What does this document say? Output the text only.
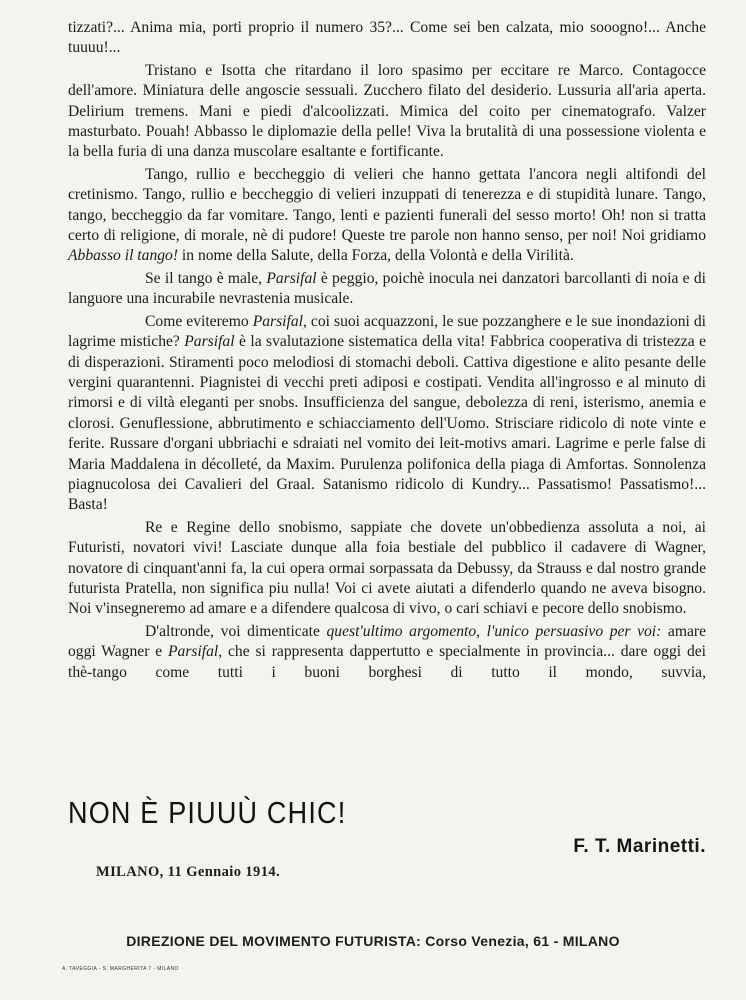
tizzati?... Anima mia, porti proprio il numero 35?... Come sei ben calzata, mio sooogno!... Anche tuuuu!...

Tristano e Isotta che ritardano il loro spasimo per eccitare re Marco. Contagocce dell'amore. Miniatura delle angoscie sessuali. Zucchero filato del desiderio. Lussuria all'aria aperta. Delirium tremens. Mani e piedi d'alcoolizzati. Mimica del coito per cinematografo. Valzer masturbato. Pouah! Abbasso le diplomazie della pelle! Viva la brutalità di una possessione violenta e la bella furia di una danza muscolare esaltante e fortificante.

Tango, rullio e beccheggio di velieri che hanno gettata l'ancora negli altifondi del cretinismo. Tango, rullio e beccheggio di velieri inzuppati di tenerezza e di stupidità lunare. Tango, tango, beccheggio da far vomitare. Tango, lenti e pazienti funerali del sesso morto! Oh! non si tratta certo di religione, di morale, nè di pudore! Queste tre parole non hanno senso, per noi! Noi gridiamo Abbasso il tango! in nome della Salute, della Forza, della Volontà e della Virilità.

Se il tango è male, Parsifal è peggio, poichè inocula nei danzatori barcollanti di noia e di languore una incurabile nevrastenia musicale.

Come eviteremo Parsifal, coi suoi acquazzoni, le sue pozzanghere e le sue inondazioni di lagrime mistiche? Parsifal è la svalutazione sistematica della vita! Fabbrica cooperativa di tristezza e di disperazioni. Stiramenti poco melodiosi di stomachi deboli. Cattiva digestione e alito pesante delle vergini quarantenni. Piagnistei di vecchi preti adiposi e costipati. Vendita all'ingrosso e al minuto di rimorsi e di viltà eleganti per snobs. Insufficienza del sangue, debolezza di reni, isterismo, anemia e clorosi. Genuflessione, abbrutimento e schiacciamento dell'Uomo. Strisciare ridicolo di note vinte e ferite. Russare d'organi ubbriachi e sdraiati nel vomito dei leit-motivs amari. Lagrime e perle false di Maria Maddalena in décolleté, da Maxim. Purulenza polifonica della piaga di Amfortas. Sonnolenza piagnucolosa dei Cavalieri del Graal. Satanismo ridicolo di Kundry... Passatismo! Passatismo!... Basta!

Re e Regine dello snobismo, sappiate che dovete un'obbedienza assoluta a noi, ai Futuristi, novatori vivi! Lasciate dunque alla foia bestiale del pubblico il cadavere di Wagner, novatore di cinquant'anni fa, la cui opera ormai sorpassata da Debussy, da Strauss e dal nostro grande futurista Pratella, non significa piu nulla! Voi ci avete aiutati a difenderlo quando ne aveva bisogno. Noi v'insegneremo ad amare e a difendere qualcosa di vivo, o cari schiavi e pecore dello snobismo.

D'altronde, voi dimenticate quest'ultimo argomento, l'unico persuasivo per voi: amare oggi Wagner e Parsifal, che si rappresenta dappertutto e specialmente in provincia... dare oggi dei thè-tango come tutti i buoni borghesi di tutto il mondo, suvvia,

NON È PIUUÙ CHIC!
F. T. Marinetti.
MILANO, 11 Gennaio 1914.
DIREZIONE DEL MOVIMENTO FUTURISTA: Corso Venezia, 61 - MILANO
A. TAVEGGIA - S. MARGHERITA 7 - MILANO
